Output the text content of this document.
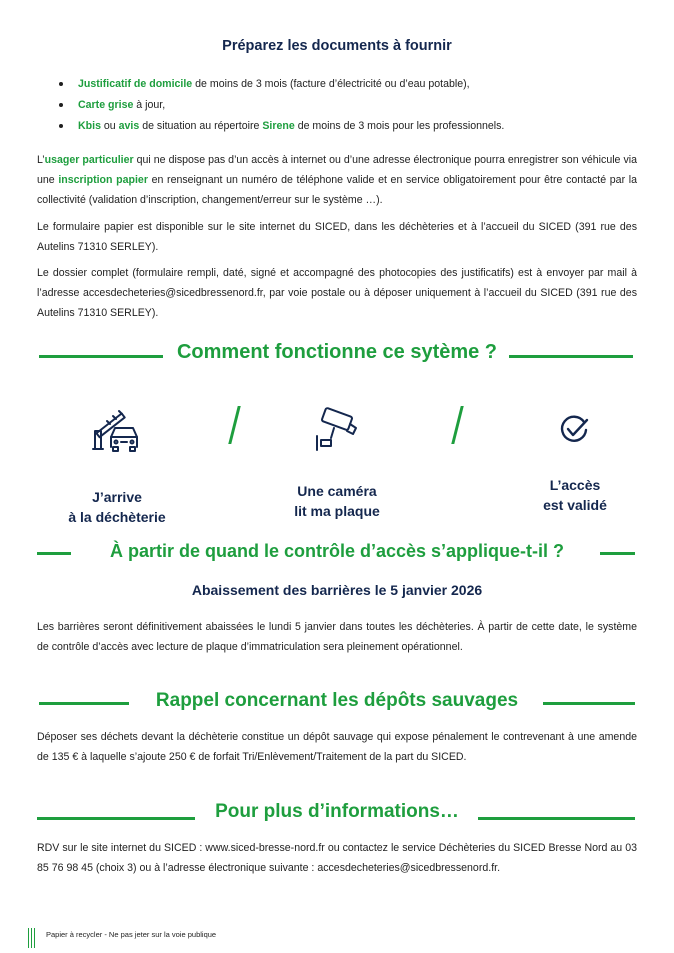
Préparez les documents à fournir
Justificatif de domicile de moins de 3 mois (facture d’électricité ou d’eau potable),
Carte grise à jour,
Kbis ou avis de situation au répertoire Sirene de moins de 3 mois pour les professionnels.

L’usager particulier qui ne dispose pas d’un accès à internet ou d’une adresse électronique pourra enregistrer son véhicule via une inscription papier en renseignant un numéro de téléphone valide et en service obligatoirement pour être contacté par la collectivité (validation d’inscription, changement/erreur sur le système …).

Le formulaire papier est disponible sur le site internet du SICED, dans les déchèteries et à l’accueil du SICED (391 rue des Autelins 71310 SERLEY).

Le dossier complet (formulaire rempli, daté, signé et accompagné des photocopies des justificatifs) est à envoyer par mail à l’adresse accesdecheteries@sicedbressenord.fr, par voie postale ou à déposer uniquement à l’accueil du SICED (391 rue des Autelins 71310 SERLEY).

Comment fonctionne ce sytème ?
J’arrive
à la déchèterie
Une caméra
lit ma plaque
L’accès
est validé
À partir de quand le contrôle d’accès s’applique-t-il ?
Abaissement des barrières le 5 janvier 2026

Les barrières seront définitivement abaissées le lundi 5 janvier dans toutes les déchèteries. À partir de cette date, le système de contrôle d’accès avec lecture de plaque d’immatriculation sera pleinement opérationnel.

Rappel concernant les dépôts sauvages

Déposer ses déchets devant la déchèterie constitue un dépôt sauvage qui expose pénalement le contrevenant à une amende de 135 € à laquelle s’ajoute 250 € de forfait Tri/Enlèvement/Traitement de la part du SICED.

Pour plus d’informations…

RDV sur le site internet du SICED : www.siced-bresse-nord.fr ou contactez le service Déchèteries du SICED Bresse Nord au 03 85 76 98 45 (choix 3) ou à l’adresse électronique suivante : accesdecheteries@sicedbressenord.fr.

Papier à recycler - Ne pas jeter sur la voie publique
